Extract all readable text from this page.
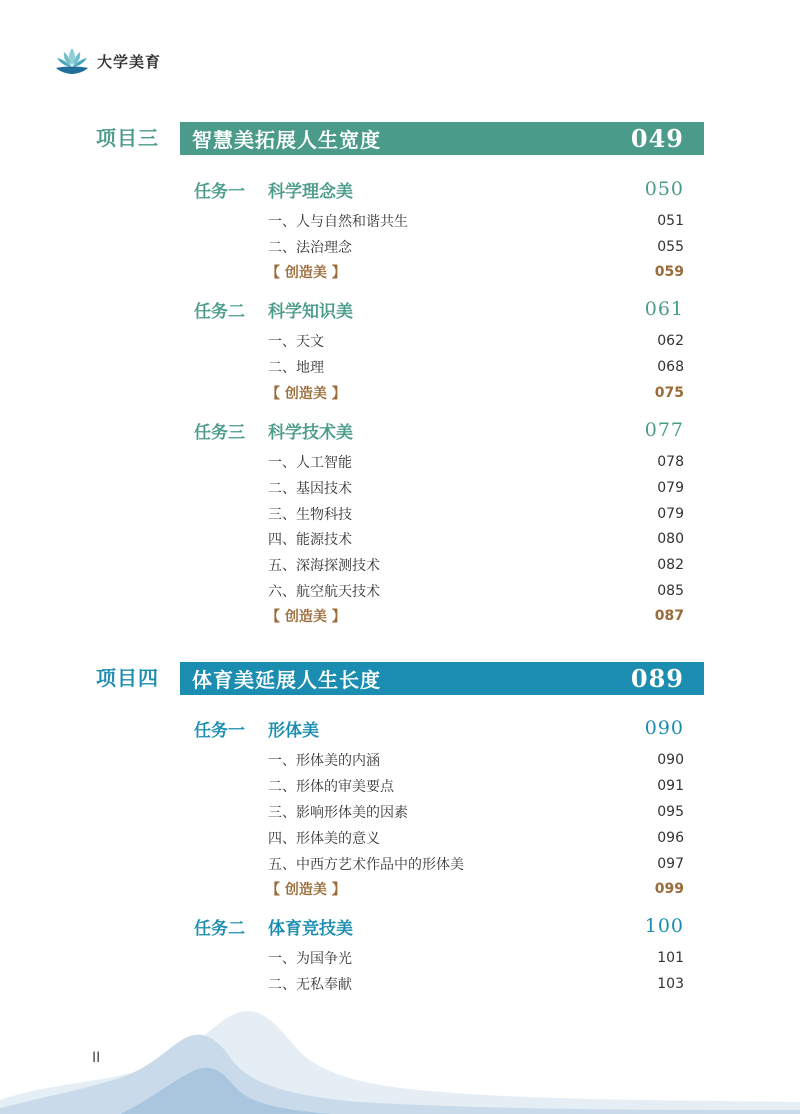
大学美育
项目三	智慧美拓展人生宽度	049
任务一	科学理念美	050
一、人与自然和谐共生	051
二、法治理念	055
【 创造美 】	059
任务二	科学知识美	061
一、天文	062
二、地理	068
【 创造美 】	075
任务三	科学技术美	077
一、人工智能	078
二、基因技术	079
三、生物科技	079
四、能源技术	080
五、深海探测技术	082
六、航空航天技术	085
【 创造美 】	087
项目四	体育美延展人生长度	089
任务一	形体美	090
一、形体美的内涵	090
二、形体的审美要点	091
三、影响形体美的因素	095
四、形体美的意义	096
五、中西方艺术作品中的形体美	097
【 创造美 】	099
任务二	体育竞技美	100
一、为国争光	101
二、无私奉献	103
II
